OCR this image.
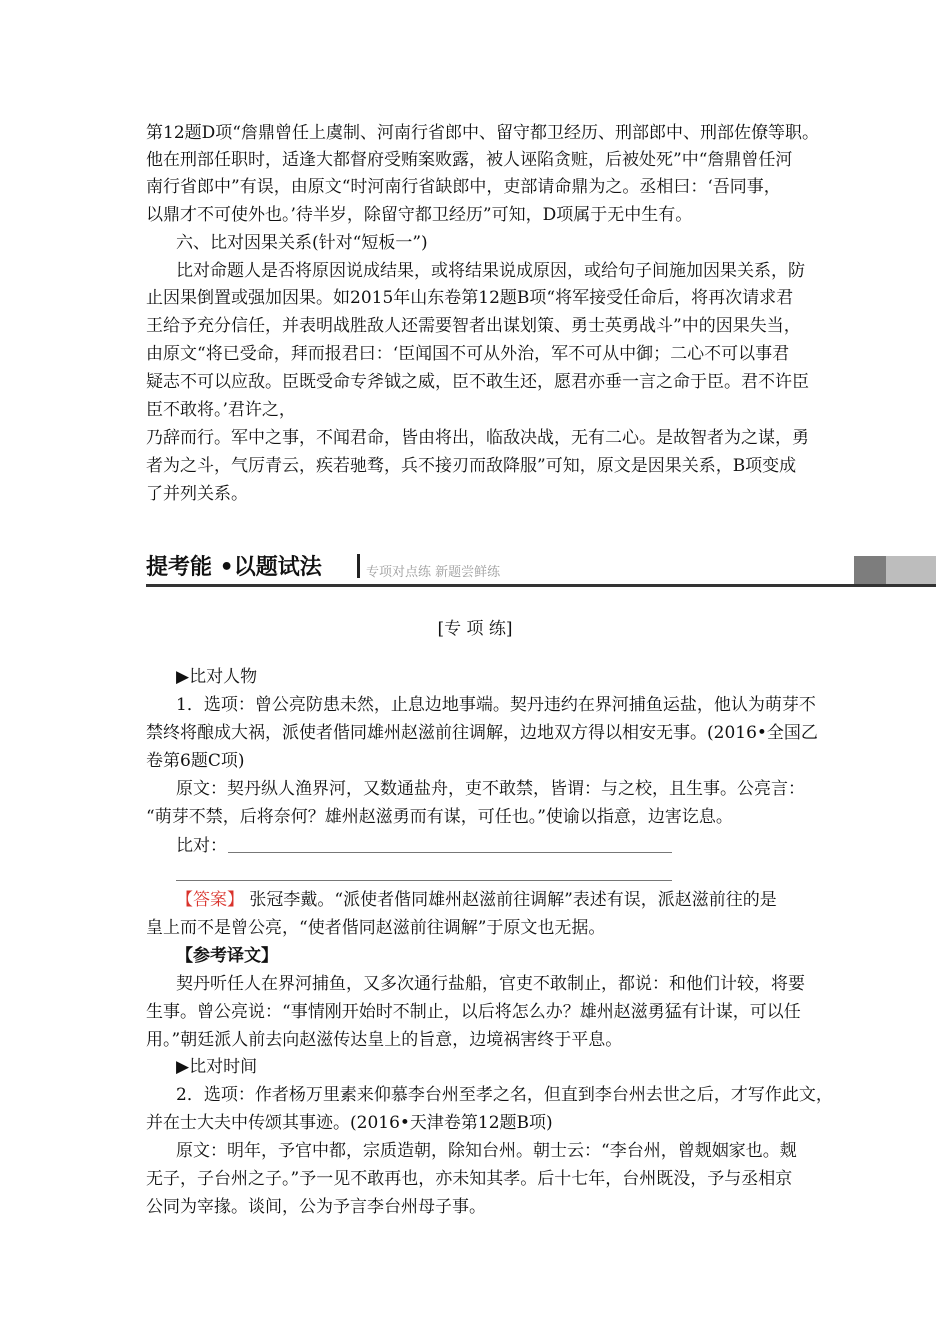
第12题D项“詹鼎曾任上虞制、河南行省郎中、留守都卫经历、刑部郎中、刑部佐僚等职。
他在刑部任职时，适逢大都督府受贿案败露，被人诬陷贪赃，后被处死”中“詹鼎曾任河
南行省郎中”有误，由原文“时河南行省缺郎中，吏部请命鼎为之。丞相曰：‘吾同事，
以鼎才不可使外也。’待半岁，除留守都卫经历”可知，D项属于无中生有。
六、比对因果关系(针对“短板一”)
比对命题人是否将原因说成结果，或将结果说成原因，或给句子间施加因果关系，防
止因果倒置或强加因果。如2015年山东卷第12题B项“将军接受任命后，将再次请求君
王给予充分信任，并表明战胜敌人还需要智者出谋划策、勇士英勇战斗”中的因果失当，
由原文“将已受命，拜而报君曰：‘臣闻国不可从外治，军不可从中御；二心不可以事君
疑志不可以应敌。臣既受命专斧钺之威，臣不敢生还，愿君亦垂一言之命于臣。君不许臣
臣不敢将。’君许之，
乃辞而行。军中之事，不闻君命，皆由将出，临敌决战，无有二心。是故智者为之谋，勇
者为之斗，气厉青云，疾若驰骛，兵不接刃而敌降服”可知，原文是因果关系，B项变成
了并列关系。
提考能 •以题试法	专项对点练 新题尝鲜练
[专 项 练]
▶比对人物
1．选项：曾公亮防患未然，止息边地事端。契丹违约在界河捕鱼运盐，他认为萌芽不
禁终将酿成大祸，派使者偕同雄州赵滋前往调解，边地双方得以相安无事。(2016•全国乙
卷第6题C项)
原文：契丹纵人渔界河，又数通盐舟，吏不敢禁，皆谓：与之校，且生事。公亮言：
“萌芽不禁，后将奈何？雄州赵滋勇而有谋，可任也。”使谕以指意，边害讫息。
比对：
【答案】 张冠李戴。“派使者偕同雄州赵滋前往调解”表述有误，派赵滋前往的是
皇上而不是曾公亮，“使者偕同赵滋前往调解”于原文也无据。
【参考译文】
契丹听任人在界河捕鱼，又多次通行盐船，官吏不敢制止，都说：和他们计较，将要
生事。曾公亮说：“事情刚开始时不制止，以后将怎么办？雄州赵滋勇猛有计谋，可以任
用。”朝廷派人前去向赵滋传达皇上的旨意，边境祸害终于平息。
▶比对时间
2．选项：作者杨万里素来仰慕李台州至孝之名，但直到李台州去世之后，才写作此文，
并在士大夫中传颂其事迹。(2016•天津卷第12题B项)
原文：明年，予官中都，宗质造朝，除知台州。朝士云：“李台州，曾觌姻家也。觌
无子，子台州之子。”予一见不敢再也，亦未知其孝。后十七年，台州既没，予与丞相京
公同为宰掾。谈间，公为予言李台州母子事。
